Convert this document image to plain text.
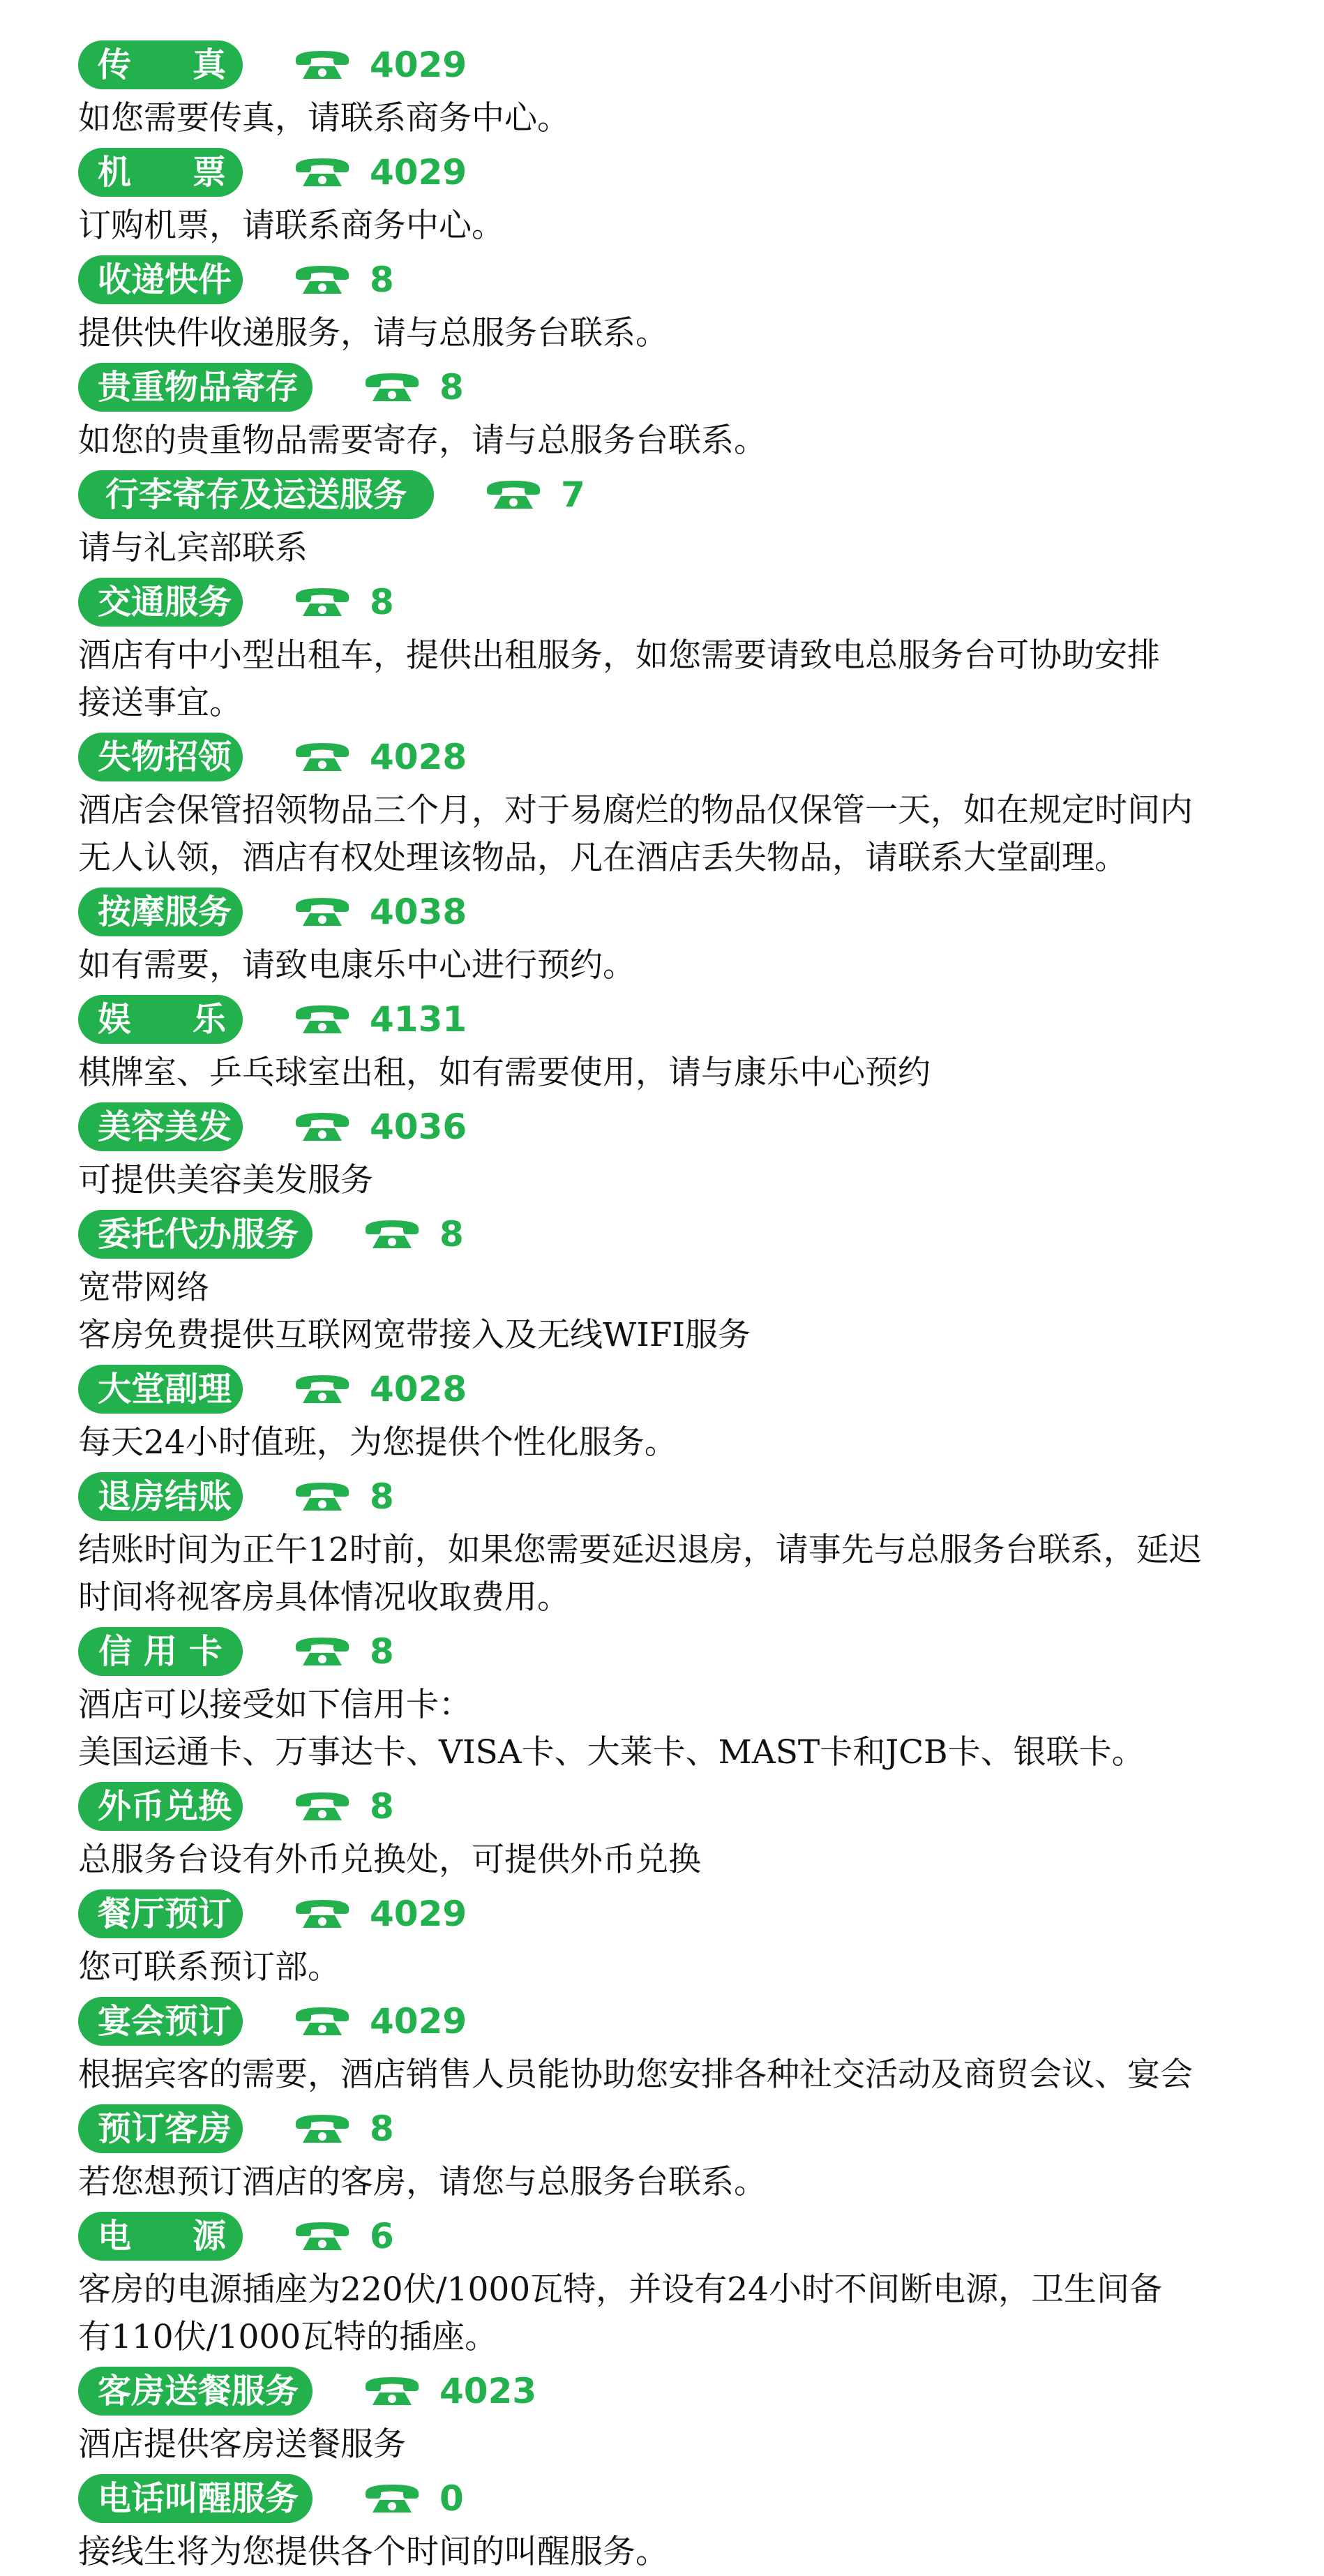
传　真	4029

如您需要传真，请联系商务中心。

机　票	4029

订购机票，请联系商务中心。

收递快件	8

提供快件收递服务，请与总服务台联系。

贵重物品寄存	8

如您的贵重物品需要寄存，请与总服务台联系。

行李寄存及运送服务	7

请与礼宾部联系

交通服务	8

酒店有中小型出租车，提供出租服务，如您需要请致电总服务台可协助安排

接送事宜。

失物招领	4028

酒店会保管招领物品三个月，对于易腐烂的物品仅保管一天，如在规定时间内

无人认领，酒店有权处理该物品，凡在酒店丢失物品，请联系大堂副理。

按摩服务	4038

如有需要，请致电康乐中心进行预约。

娱　乐	4131

棋牌室、乒乓球室出租，如有需要使用，请与康乐中心预约

美容美发	4036

可提供美容美发服务

委托代办服务	8

宽带网络

客房免费提供互联网宽带接入及无线WIFI服务

大堂副理	4028

每天24小时值班，为您提供个性化服务。

退房结账	8

结账时间为正午12时前，如果您需要延迟退房，请事先与总服务台联系，延迟

时间将视客房具体情况收取费用。

信 用 卡	8

酒店可以接受如下信用卡：

美国运通卡、万事达卡、VISA卡、大莱卡、MAST卡和JCB卡、银联卡。

外币兑换	8

总服务台设有外币兑换处，可提供外币兑换

餐厅预订	4029

您可联系预订部。

宴会预订	4029

根据宾客的需要，酒店销售人员能协助您安排各种社交活动及商贸会议、宴会

预订客房	8

若您想预订酒店的客房，请您与总服务台联系。

电　源	6

客房的电源插座为220伏/1000瓦特，并设有24小时不间断电源，卫生间备

有110伏/1000瓦特的插座。

客房送餐服务	4023

酒店提供客房送餐服务

电话叫醒服务	0

接线生将为您提供各个时间的叫醒服务。
